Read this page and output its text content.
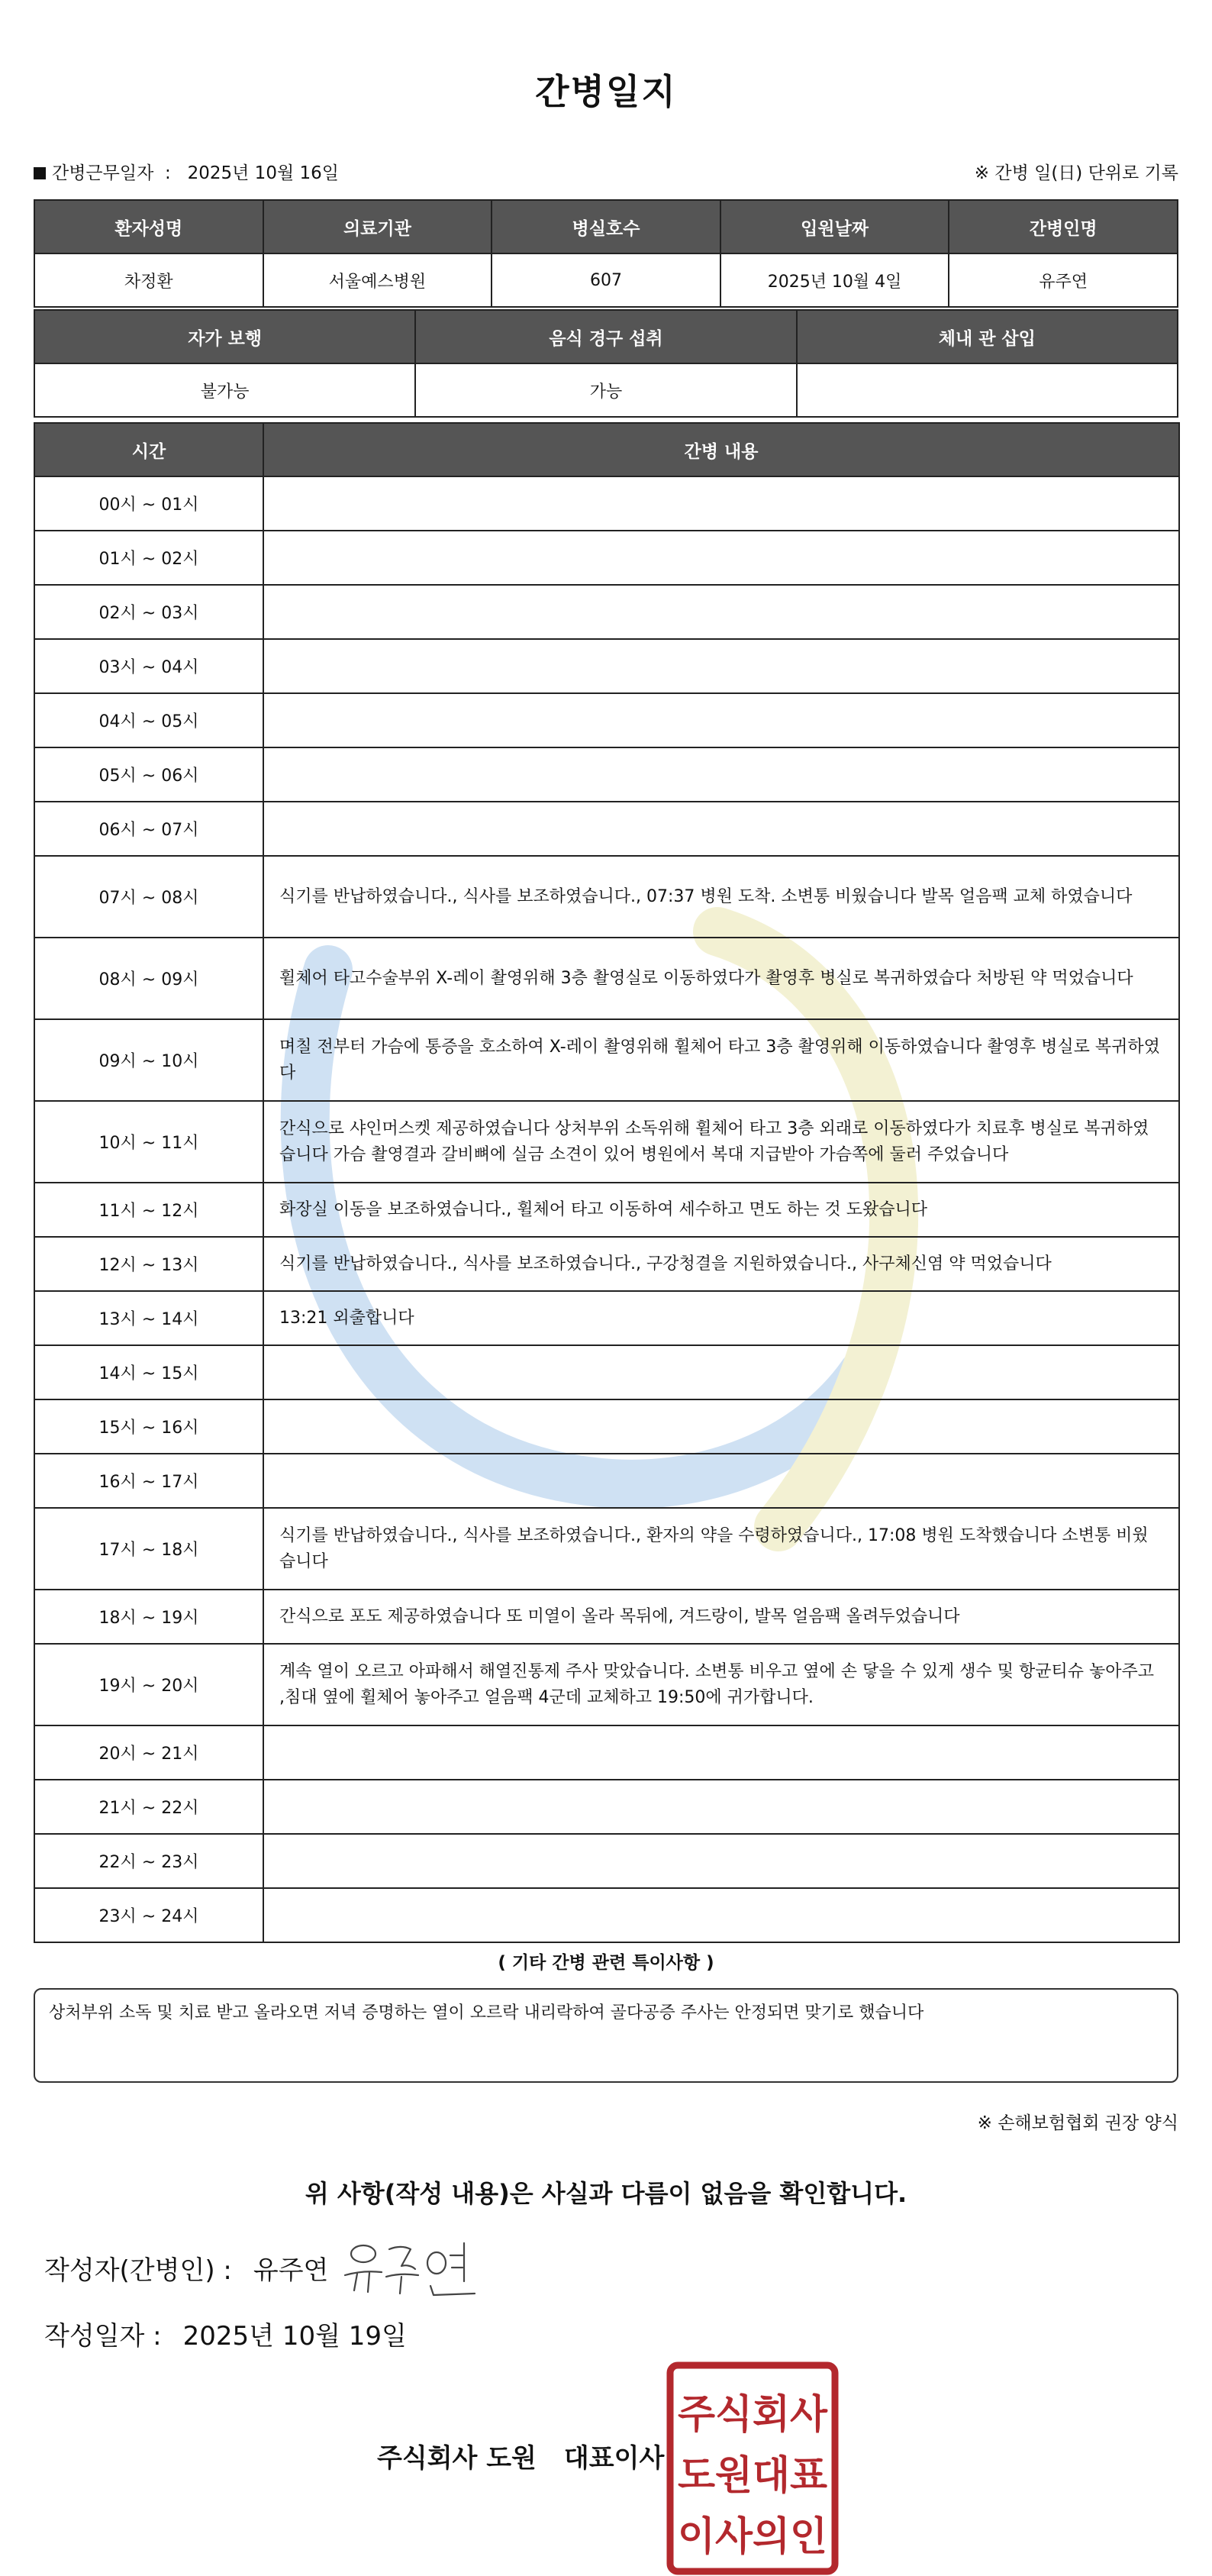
간병일지
간병근무일자 : 2025년 10월 16일	※ 간병 일(日) 단위로 기록
환자성명	의료기관	병실호수	입원날짜	간병인명
차정환	서울예스병원	607	2025년 10월 4일	유주연
자가 보행	음식 경구 섭취	체내 관 삽입
불가능	가능	
시간	간병 내용
00시 ~ 01시	
01시 ~ 02시	
02시 ~ 03시	
03시 ~ 04시	
04시 ~ 05시	
05시 ~ 06시	
06시 ~ 07시	
07시 ~ 08시	식기를 반납하였습니다., 식사를 보조하였습니다., 07:37 병원 도착. 소변통 비웠습니다 발목 얼음팩 교체 하였습니다
08시 ~ 09시	휠체어 타고수술부위 X-레이 촬영위해 3층 촬영실로 이동하였다가 촬영후 병실로 복귀하였습다 처방된 약 먹었습니다
09시 ~ 10시	며칠 전부터 가슴에 통증을 호소하여 X-레이 촬영위해 휠체어 타고 3층 촬영위해 이동하였습니다 촬영후 병실로 복귀하였다
10시 ~ 11시	간식으로 샤인머스켓 제공하였습니다 상처부위 소독위해 휠체어 타고 3층 외래로 이동하였다가 치료후 병실로 복귀하였습니다 가슴 촬영결과 갈비뼈에 실금 소견이 있어 병원에서 복대 지급받아 가슴쪽에 둘러 주었습니다
11시 ~ 12시	화장실 이동을 보조하였습니다., 휠체어 타고 이동하여 세수하고 면도 하는 것 도왔습니다
12시 ~ 13시	식기를 반납하였습니다., 식사를 보조하였습니다., 구강청결을 지원하였습니다., 사구체신염 약 먹었습니다
13시 ~ 14시	13:21 외출합니다
14시 ~ 15시	
15시 ~ 16시	
16시 ~ 17시	
17시 ~ 18시	식기를 반납하였습니다., 식사를 보조하였습니다., 환자의 약을 수령하였습니다., 17:08 병원 도착했습니다 소변통 비웠습니다
18시 ~ 19시	간식으로 포도 제공하였습니다 또 미열이 올라 목뒤에, 겨드랑이, 발목 얼음팩 올려두었습니다
19시 ~ 20시	계속 열이 오르고 아파해서 해열진통제 주사 맞았습니다. 소변통 비우고 옆에 손 닿을 수 있게 생수 및 항균티슈 놓아주고 ,침대 옆에 휠체어 놓아주고 얼음팩 4군데 교체하고 19:50에 귀가합니다.
20시 ~ 21시	
21시 ~ 22시	
22시 ~ 23시	
23시 ~ 24시	
( 기타 간병 관련 특이사항 )
상처부위 소독 및 치료 받고 올라오면 저녁 증명하는 열이 오르락 내리락하여 골다공증 주사는 안정되면 맞기로 했습니다
※ 손해보험협회 권장 양식
위 사항(작성 내용)은 사실과 다름이 없음을 확인합니다.
작성자(간병인) : 유주연
작성일자 : 2025년 10월 19일
주식회사 도원 대표이사
주식회사
도원대표
이사의인
